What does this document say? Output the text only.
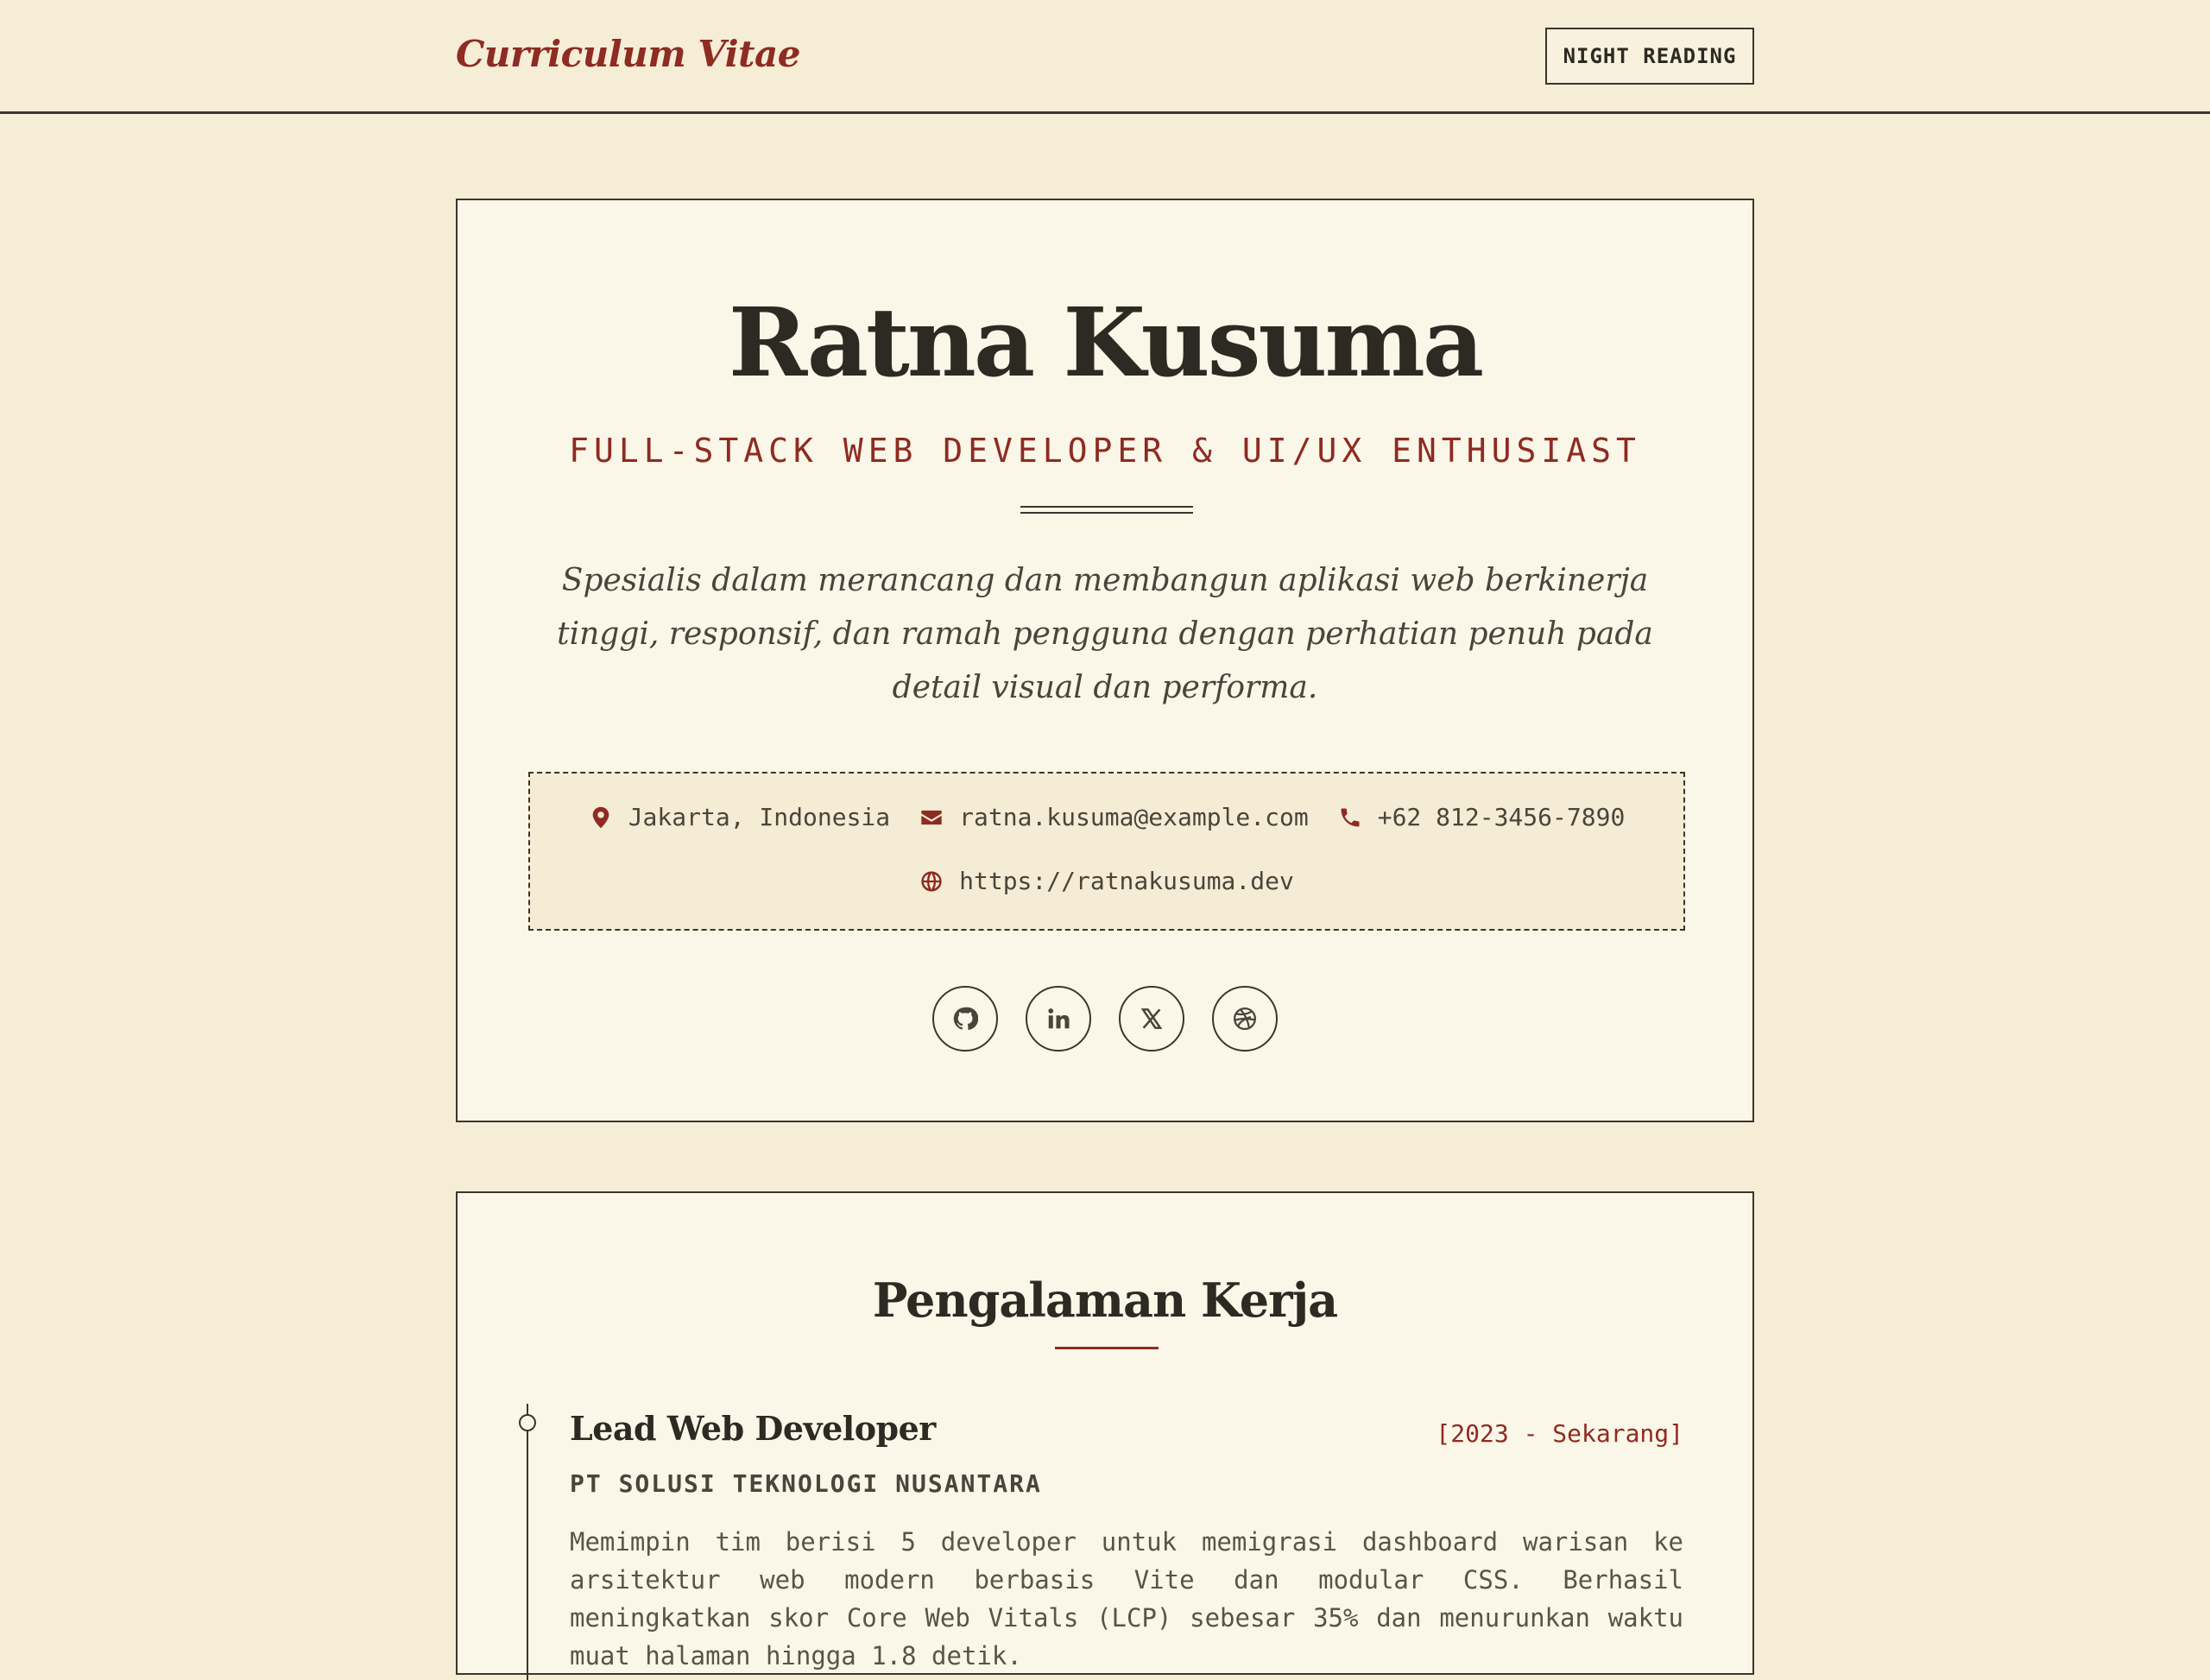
Curriculum Vitae	NIGHT READING
Ratna Kusuma
FULL-STACK WEB DEVELOPER & UI/UX ENTHUSIAST

Spesialis dalam merancang dan membangun aplikasi web berkinerja tinggi, responsif, dan ramah pengguna dengan perhatian penuh pada detail visual dan performa.

Jakarta, Indonesia	ratna.kusuma@example.com	+62 812-3456-7890
https://ratnakusuma.dev
Pengalaman Kerja
Lead Web Developer	[2023 - Sekarang]
PT SOLUSI TEKNOLOGI NUSANTARA

Memimpin tim berisi 5 developer untuk memigrasi dashboard warisan ke arsitektur web modern berbasis Vite dan modular CSS. Berhasil meningkatkan skor Core Web Vitals (LCP) sebesar 35% dan menurunkan waktu muat halaman hingga 1.8 detik.
